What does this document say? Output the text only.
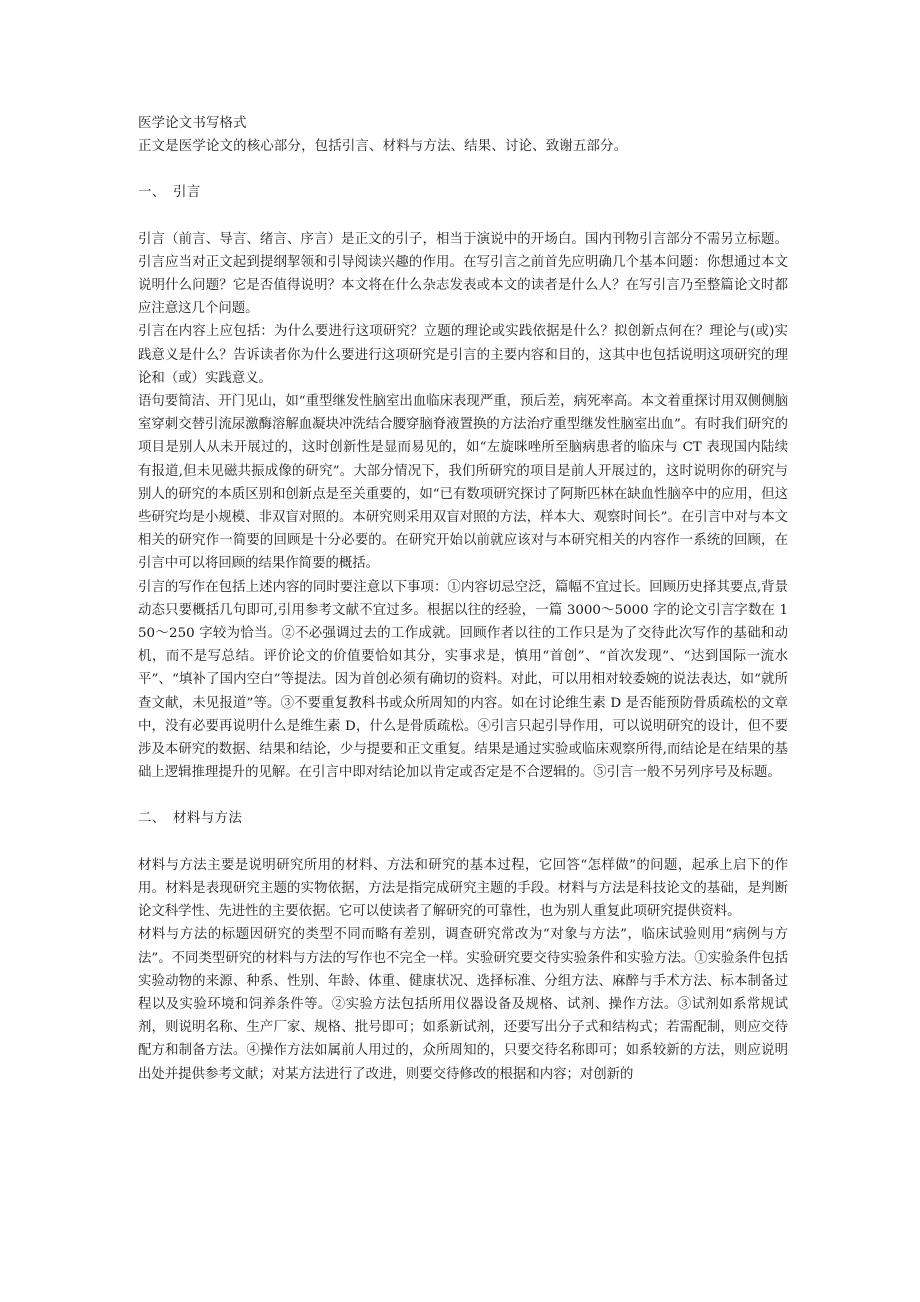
医学论文书写格式

正文是医学论文的核心部分，包括引言、材料与方法、结果、讨论、致谢五部分。

一、　引言

引言（前言、导言、绪言、序言）是正文的引子，相当于演说中的开场白。国内刊物引言部分不需另立标题。引言应当对正文起到提纲挈领和引导阅读兴趣的作用。在写引言之前首先应明确几个基本问题：你想通过本文说明什么问题？它是否值得说明？本文将在什么杂志发表或本文的读者是什么人？在写引言乃至整篇论文时都应注意这几个问题。

引言在内容上应包括：为什么要进行这项研究？立题的理论或实践依据是什么？拟创新点何在？理论与(或)实践意义是什么？告诉读者你为什么要进行这项研究是引言的主要内容和目的，这其中也包括说明这项研究的理论和（或）实践意义。

语句要简洁、开门见山，如“重型继发性脑室出血临床表现严重，预后差，病死率高。本文着重探讨用双侧侧脑室穿刺交替引流尿激酶溶解血凝块冲洗结合腰穿脑脊液置换的方法治疗重型继发性脑室出血”。有时我们研究的项目是别人从未开展过的，这时创新性是显而易见的，如“左旋咪唑所至脑病患者的临床与 CT 表现国内陆续有报道,但未见磁共振成像的研究”。大部分情况下，我们所研究的项目是前人开展过的，这时说明你的研究与别人的研究的本质区别和创新点是至关重要的，如“已有数项研究探讨了阿斯匹林在缺血性脑卒中的应用，但这些研究均是小规模、非双盲对照的。本研究则采用双盲对照的方法，样本大、观察时间长”。在引言中对与本文相关的研究作一简要的回顾是十分必要的。在研究开始以前就应该对与本研究相关的内容作一系统的回顾，在引言中可以将回顾的结果作简要的概括。

引言的写作在包括上述内容的同时要注意以下事项：①内容切忌空泛，篇幅不宜过长。回顾历史择其要点,背景动态只要概括几句即可,引用参考文献不宜过多。根据以往的经验，一篇 3000～5000 字的论文引言字数在 150～250 字较为恰当。②不必强调过去的工作成就。回顾作者以往的工作只是为了交待此次写作的基础和动机，而不是写总结。评价论文的价值要恰如其分，实事求是，慎用“首创”、“首次发现”、“达到国际一流水平”、“填补了国内空白”等提法。因为首创必须有确切的资料。对此，可以用相对较委婉的说法表达，如“就所查文献，未见报道”等。③不要重复教科书或众所周知的内容。如在讨论维生素 D 是否能预防骨质疏松的文章中，没有必要再说明什么是维生素 D，什么是骨质疏松。④引言只起引导作用，可以说明研究的设计，但不要涉及本研究的数据、结果和结论，少与提要和正文重复。结果是通过实验或临床观察所得,而结论是在结果的基础上逻辑推理提升的见解。在引言中即对结论加以肯定或否定是不合逻辑的。⑤引言一般不另列序号及标题。

二、　材料与方法

材料与方法主要是说明研究所用的材料、方法和研究的基本过程，它回答“怎样做”的问题，起承上启下的作用。材料是表现研究主题的实物依据，方法是指完成研究主题的手段。材料与方法是科技论文的基础，是判断论文科学性、先进性的主要依据。它可以使读者了解研究的可靠性，也为别人重复此项研究提供资料。

材料与方法的标题因研究的类型不同而略有差别，调查研究常改为“对象与方法”，临床试验则用“病例与方法”。不同类型研究的材料与方法的写作也不完全一样。实验研究要交待实验条件和实验方法。①实验条件包括实验动物的来源、种系、性别、年龄、体重、健康状况、选择标准、分组方法、麻醉与手术方法、标本制备过程以及实验环境和饲养条件等。②实验方法包括所用仪器设备及规格、试剂、操作方法。③试剂如系常规试剂，则说明名称、生产厂家、规格、批号即可；如系新试剂，还要写出分子式和结构式；若需配制，则应交待配方和制备方法。④操作方法如属前人用过的，众所周知的，只要交待名称即可；如系较新的方法，则应说明出处并提供参考文献；对某方法进行了改进，则要交待修改的根据和内容；对创新的
